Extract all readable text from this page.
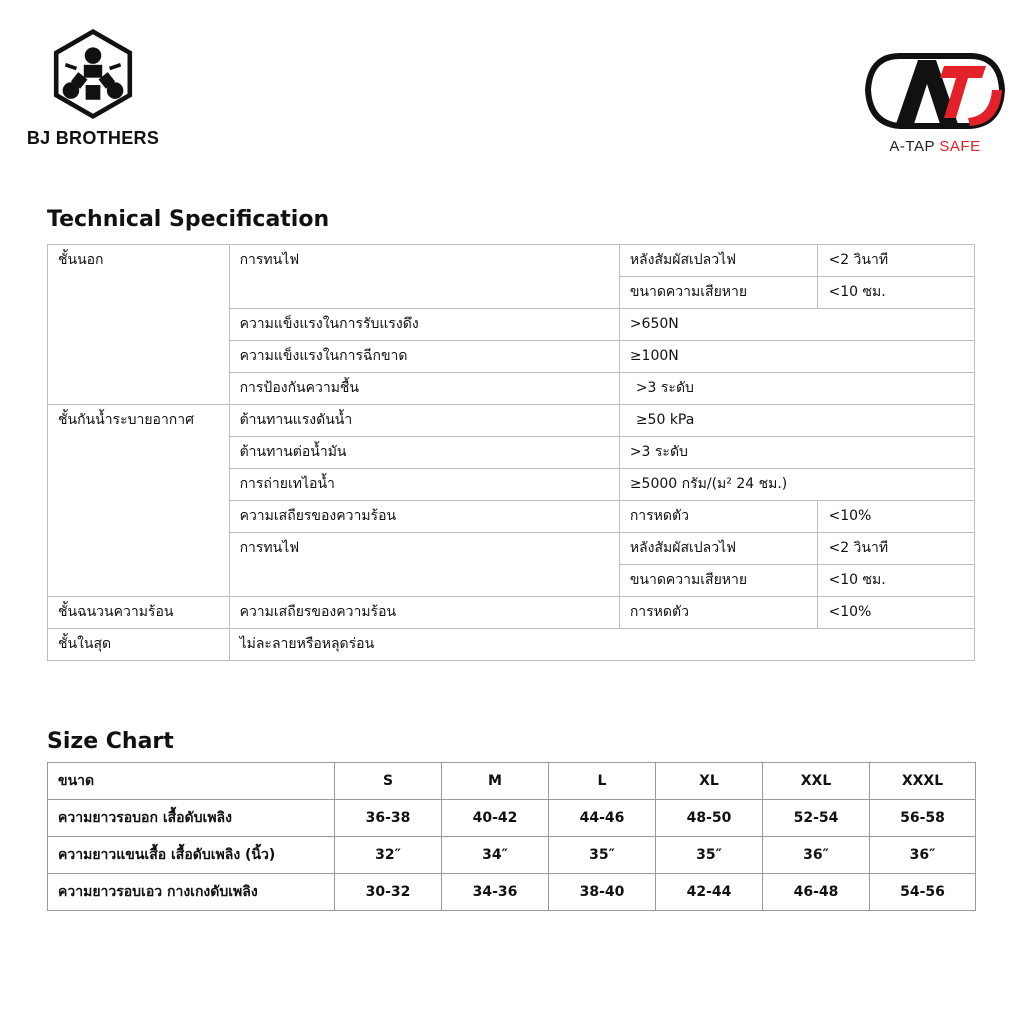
BJ BROTHERS	A-TAP SAFE
Technical Specification
ชั้นนอก	การทนไฟ	หลังสัมผัสเปลวไฟ	<2 วินาที
		ขนาดความเสียหาย	<10 ซม.
	ความแข็งแรงในการรับแรงดึง	>650N	
	ความแข็งแรงในการฉีกขาด	≥100N	
	การป้องกันความชื้น	>3 ระดับ	
ชั้นกันน้ำระบายอากาศ	ต้านทานแรงดันน้ำ	≥50 kPa	
	ต้านทานต่อน้ำมัน	>3 ระดับ	
	การถ่ายเทไอน้ำ	≥5000 กรัม/(ม² 24 ชม.)	
	ความเสถียรของความร้อน	การหดตัว	<10%
	การทนไฟ	หลังสัมผัสเปลวไฟ	<2 วินาที
		ขนาดความเสียหาย	<10 ซม.
ชั้นฉนวนความร้อน	ความเสถียรของความร้อน	การหดตัว	<10%
ชั้นในสุด	ไม่ละลายหรือหลุดร่อน		
Size Chart
ขนาด	S	M	L	XL	XXL	XXXL
ความยาวรอบอก เสื้อดับเพลิง	36-38	40-42	44-46	48-50	52-54	56-58
ความยาวแขนเสื้อ เสื้อดับเพลิง (นิ้ว)	32″	34″	35″	35″	36″	36″
ความยาวรอบเอว กางเกงดับเพลิง	30-32	34-36	38-40	42-44	46-48	54-56
